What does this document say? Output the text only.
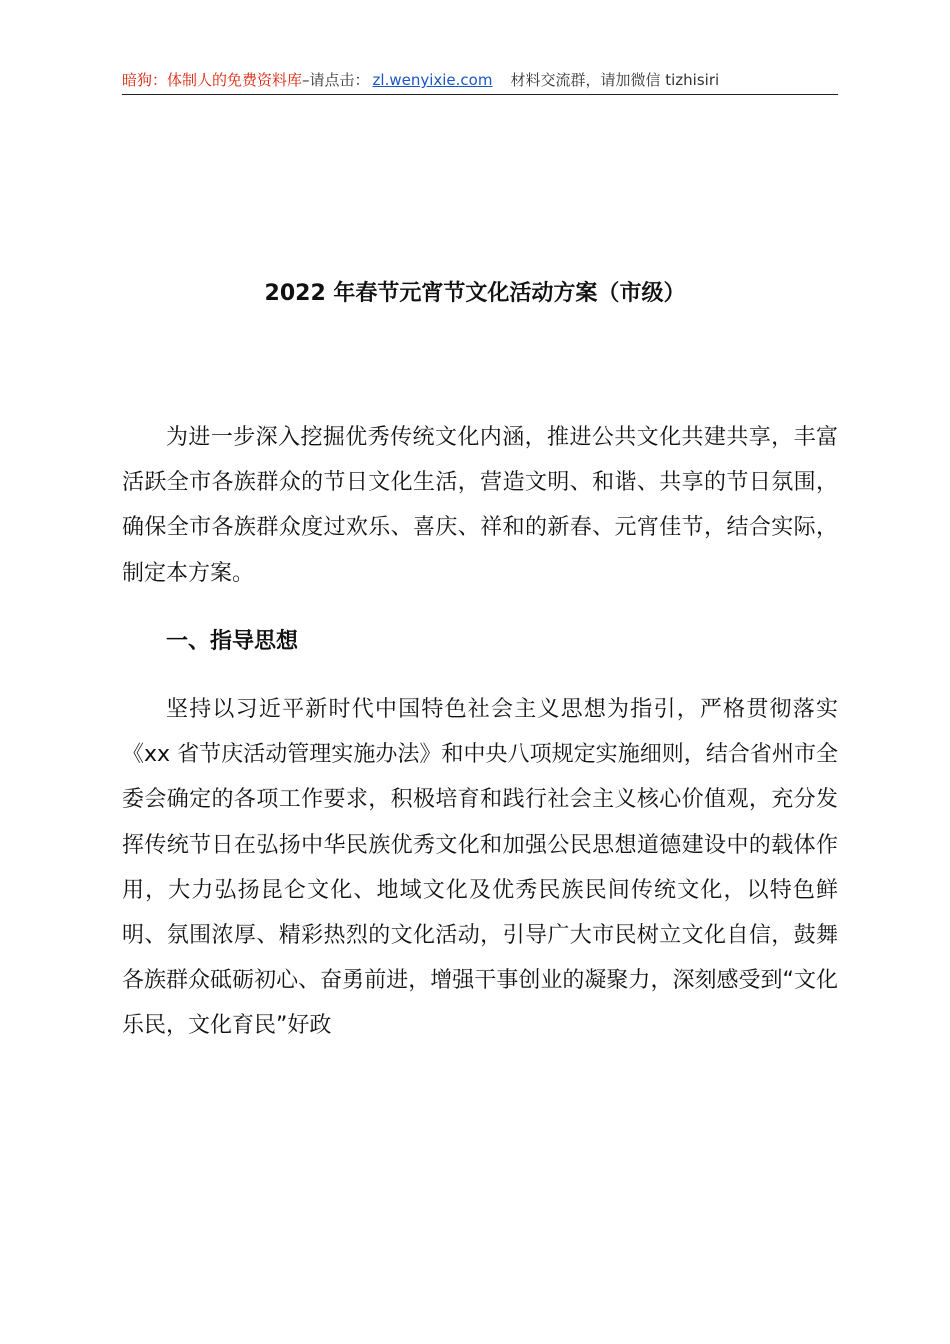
暗狗：体制人的免费资料库–请点击： zl.wenyixie.com 材料交流群，请加微信 tizhisiri
2022 年春节元宵节文化活动方案（市级）

为进一步深入挖掘优秀传统文化内涵，推进公共文化共建共享，丰富活跃全市各族群众的节日文化生活，营造文明、和谐、共享的节日氛围，确保全市各族群众度过欢乐、喜庆、祥和的新春、元宵佳节，结合实际，制定本方案。

一、指导思想

坚持以习近平新时代中国特色社会主义思想为指引，严格贯彻落实《xx 省节庆活动管理实施办法》和中央八项规定实施细则，结合省州市全委会确定的各项工作要求，积极培育和践行社会主义核心价值观，充分发挥传统节日在弘扬中华民族优秀文化和加强公民思想道德建设中的载体作用，大力弘扬昆仑文化、地域文化及优秀民族民间传统文化，以特色鲜明、氛围浓厚、精彩热烈的文化活动，引导广大市民树立文化自信，鼓舞各族群众砥砺初心、奋勇前进，增强干事创业的凝聚力，深刻感受到“文化乐民，文化育民”好政
